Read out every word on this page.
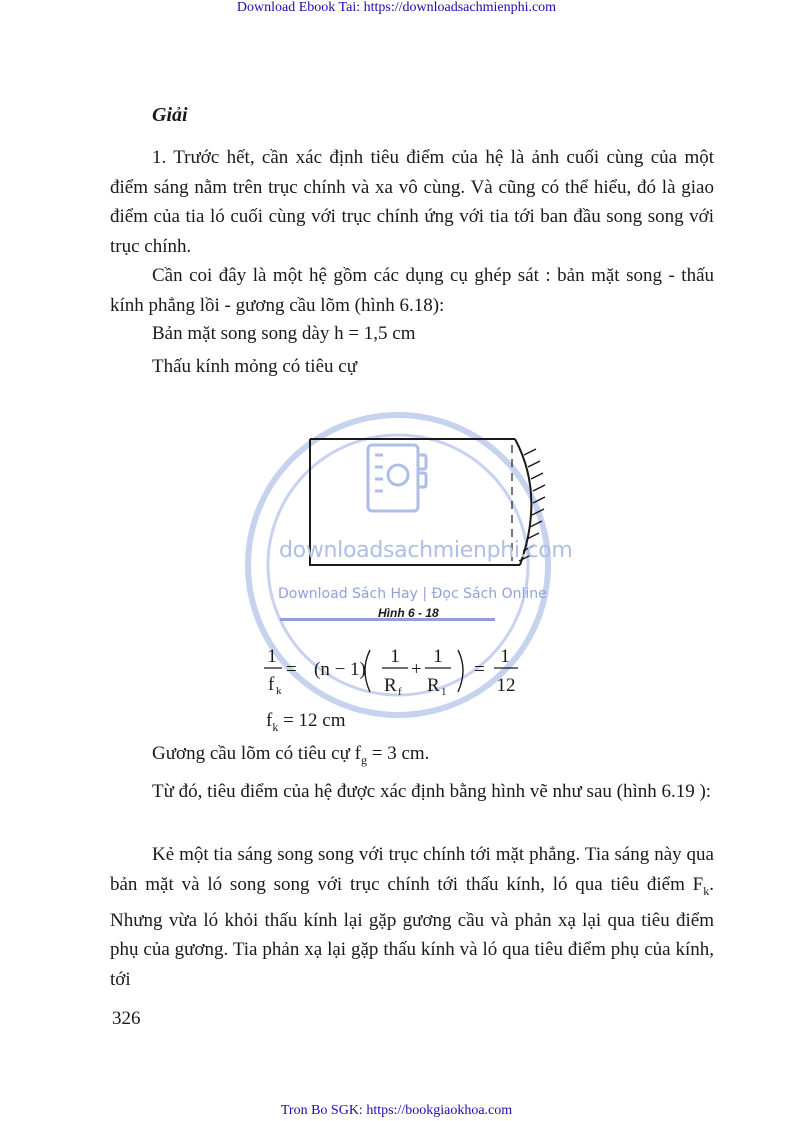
Download Ebook Tai: https://downloadsachmienphi.com
Giải
1. Trước hết, cần xác định tiêu điểm của hệ là ảnh cuối cùng của một điểm sáng nằm trên trục chính và xa vô cùng. Và cũng có thể hiểu, đó là giao điểm của tia ló cuối cùng với trục chính ứng với tia tới ban đầu song song với trục chính.
Cần coi đây là một hệ gồm các dụng cụ ghép sát : bản mặt song - thấu kính phẳng lồi - gương cầu lõm (hình 6.18):
Bản mặt song song dày h = 1,5 cm
Thấu kính mỏng có tiêu cự
downloadsachmienphi.com
Download Sách Hay | Đọc Sách Online
Hình 6 - 18
1
f k
= (n − 1)
1
R f
+
1
R 1
=
1
12
$f_k = 12$ cm
Gương cầu lõm có tiêu cự $f_g = 3$ cm.
Từ đó, tiêu điểm của hệ được xác định bằng hình vẽ như sau (hình 6.19 ):
Kẻ một tia sáng song song với trục chính tới mặt phẳng. Tia sáng này qua bản mặt và ló song song với trục chính tới thấu kính, ló qua tiêu điểm $F_k$. Nhưng vừa ló khỏi thấu kính lại gặp gương cầu và phản xạ lại qua tiêu điểm phụ của gương. Tia phản xạ lại gặp thấu kính và ló qua tiêu điểm phụ của kính, tới
326
Tron Bo SGK: https://bookgiaokhoa.com
